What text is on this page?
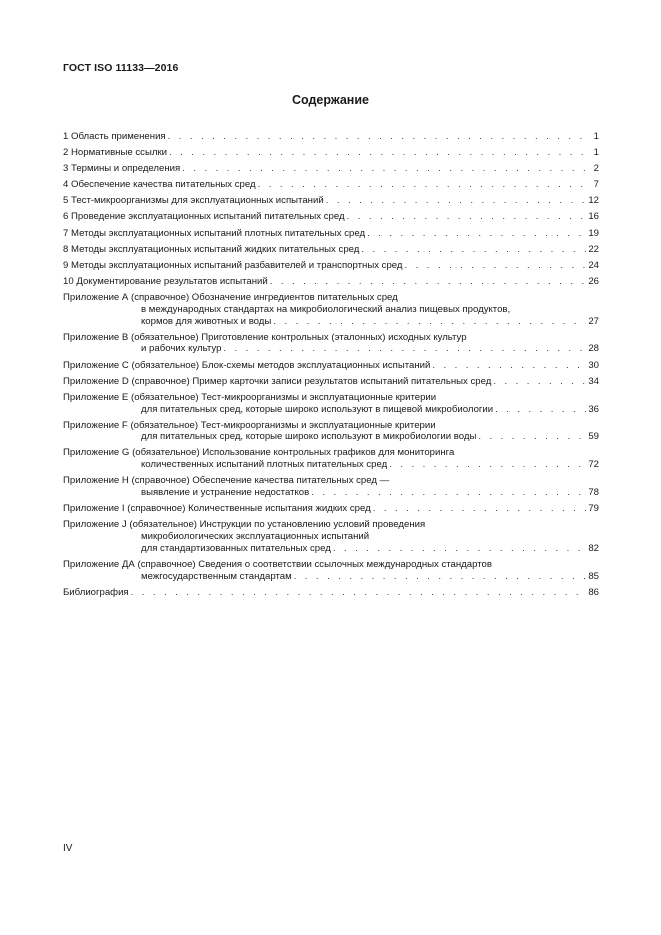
ГОСТ ISO 11133—2016
Содержание
1 Область применения . . .	1
2 Нормативные ссылки . . .	1
3 Термины и определения . . .	2
4 Обеспечение качества питательных сред . . .	7
5 Тест-микроорганизмы для эксплуатационных испытаний . . .	12
6 Проведение эксплуатационных испытаний питательных сред . . .	16
7 Методы эксплуатационных испытаний плотных питательных сред . . .	19
8 Методы эксплуатационных испытаний жидких питательных сред . . .	22
9 Методы эксплуатационных испытаний разбавителей и транспортных сред . . .	24
10 Документирование результатов испытаний . . .	26
Приложение А (справочное) Обозначение ингредиентов питательных сред
в международных стандартах на микробиологический анализ пищевых продуктов,
кормов для животных и воды . . .	27
Приложение В (обязательное) Приготовление контрольных (эталонных) исходных культур
и рабочих культур . . .	28
Приложение С (обязательное) Блок-схемы методов эксплуатационных испытаний . . .	30
Приложение D (справочное) Пример карточки записи результатов испытаний питательных сред . . .	34
Приложение Е (обязательное) Тест-микроорганизмы и эксплуатационные критерии
для питательных сред, которые широко используют в пищевой микробиологии . . .	36
Приложение F (обязательное) Тест-микроорганизмы и эксплуатационные критерии
для питательных сред, которые широко используют в микробиологии воды . . .	59
Приложение G (обязательное) Использование контрольных графиков для мониторинга
количественных испытаний плотных питательных сред . . .	72
Приложение Н (справочное) Обеспечение качества питательных сред —
выявление и устранение недостатков . . .	78
Приложение I (справочное) Количественные испытания жидких сред . . .	79
Приложение J (обязательное) Инструкции по установлению условий проведения
микробиологических эксплуатационных испытаний
для стандартизованных питательных сред . . .	82
Приложение ДА (справочное) Сведения о соответствии ссылочных международных стандартов
межгосударственным стандартам . . .	85
Библиография . . .	86
IV
